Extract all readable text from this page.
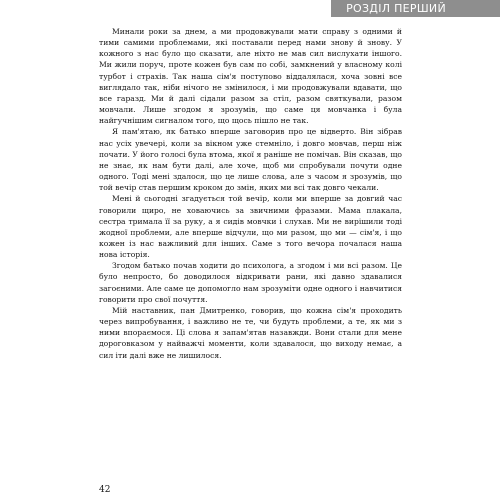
РОЗДІЛ ПЕРШИЙ

Минали роки за днем, а ми продовжували мати справу з одними й тими самими проблемами, які поставали перед нами знову й знову. У кожного з нас було що сказати, але ніхто не мав сил вислухати іншого. Ми жили поруч, проте кожен був сам по собі, замкнений у власному колі турбот і страхів. Так наша сім'я поступово віддалялася, хоча зовні все виглядало так, ніби нічого не змінилося, і ми продовжували вдавати, що все гаразд. Ми й далі сідали разом за стіл, разом святкували, разом мовчали. Лише згодом я зрозумів, що саме ця мовчанка і була найгучнішим сигналом того, що щось пішло не так.

Я пам'ятаю, як батько вперше заговорив про це відверто. Він зібрав нас усіх увечері, коли за вікном уже стемніло, і довго мовчав, перш ніж почати. У його голосі була втома, якої я раніше не помічав. Він сказав, що не знає, як нам бути далі, але хоче, щоб ми спробували почути одне одного. Тоді мені здалося, що це лише слова, але з часом я зрозумів, що той вечір став першим кроком до змін, яких ми всі так довго чекали.

Мені й сьогодні згадується той вечір, коли ми вперше за довгий час говорили щиро, не ховаючись за звичними фразами. Мама плакала, сестра тримала її за руку, а я сидів мовчки і слухав. Ми не вирішили тоді жодної проблеми, але вперше відчули, що ми разом, що ми — сім'я, і що кожен із нас важливий для інших. Саме з того вечора почалася наша нова історія.

Згодом батько почав ходити до психолога, а згодом і ми всі разом. Це було непросто, бо доводилося відкривати рани, які давно здавалися загоєними. Але саме це допомогло нам зрозуміти одне одного і навчитися говорити про свої почуття.

Мій наставник, пан Дмитренко, говорив, що кожна сім'я проходить через випробування, і важливо не те, чи будуть проблеми, а те, як ми з ними впораємося. Ці слова я запам'ятав назавжди. Вони стали для мене дороговказом у найважчі моменти, коли здавалося, що виходу немає, а сил іти далі вже не лишилося.

42
